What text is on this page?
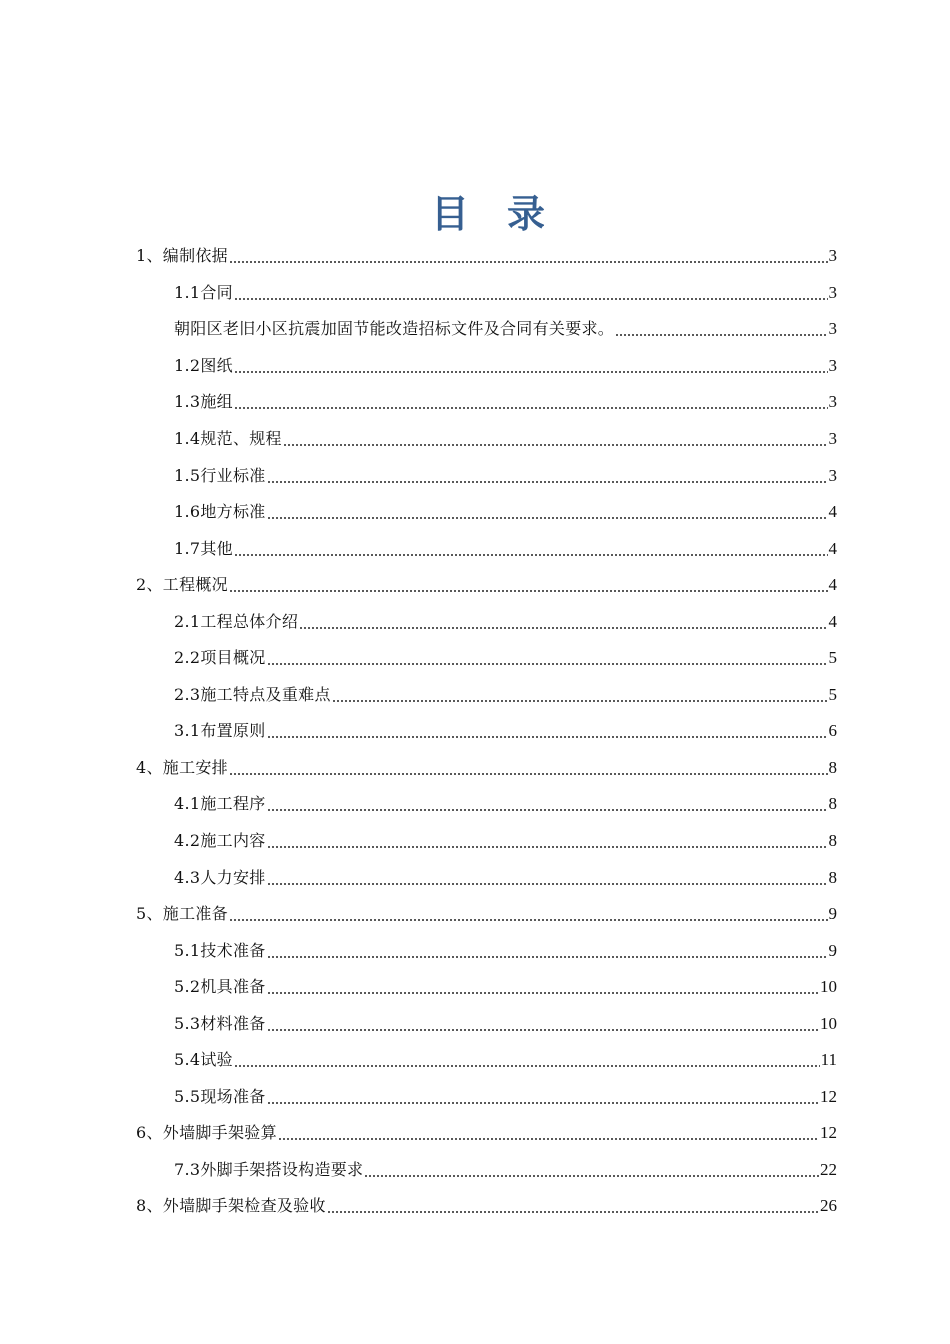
目 录
1、编制依据	3
1.1合同	3
朝阳区老旧小区抗震加固节能改造招标文件及合同有关要求。	3
1.2图纸	3
1.3施组	3
1.4规范、规程	3
1.5行业标准	3
1.6地方标准	4
1.7其他	4
2、工程概况	4
2.1工程总体介绍	4
2.2项目概况	5
2.3施工特点及重难点	5
3.1布置原则	6
4、施工安排	8
4.1施工程序	8
4.2施工内容	8
4.3人力安排	8
5、施工准备	9
5.1技术准备	9
5.2机具准备	10
5.3材料准备	10
5.4试验	11
5.5现场准备	12
6、外墙脚手架验算	12
7.3外脚手架搭设构造要求	22
8、外墙脚手架检查及验收	26
